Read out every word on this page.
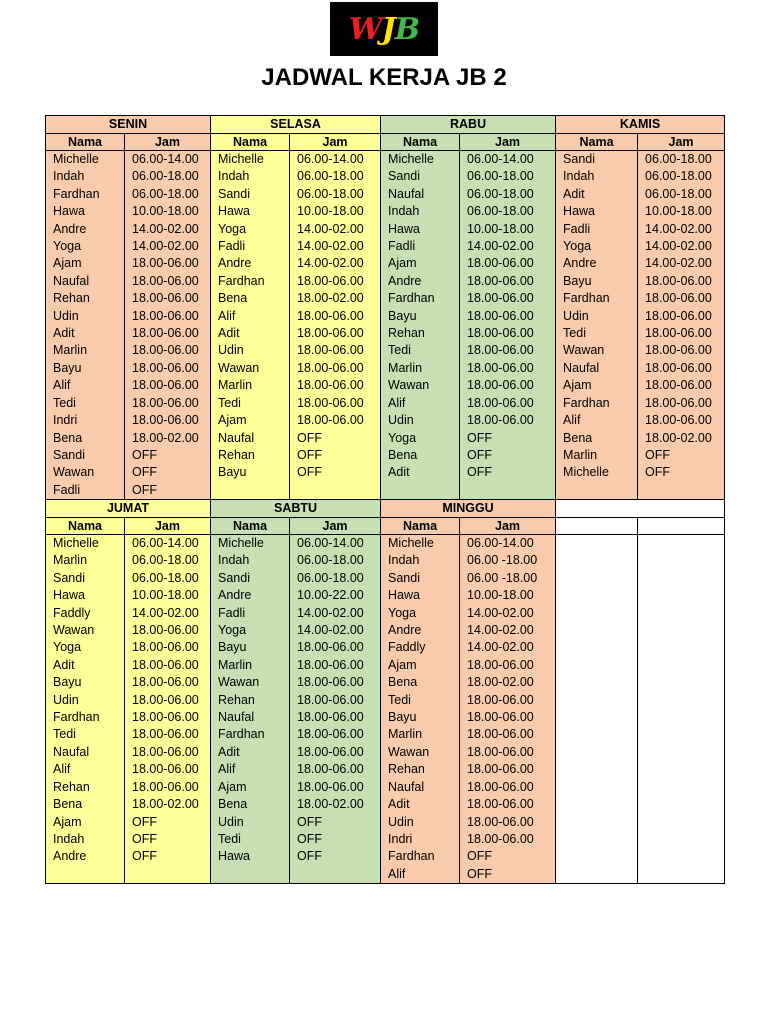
WJB
JADWAL KERJA JB 2
SENIN		SELASA		RABU		KAMIS	
Nama	Jam	Nama	Jam	Nama	Jam	Nama	Jam
Michelle	06.00-14.00	Michelle	06.00-14.00	Michelle	06.00-14.00	Sandi	06.00-18.00
Indah	06.00-18.00	Indah	06.00-18.00	Sandi	06.00-18.00	Indah	06.00-18.00
Fardhan	06.00-18.00	Sandi	06.00-18.00	Naufal	06.00-18.00	Adit	06.00-18.00
Hawa	10.00-18.00	Hawa	10.00-18.00	Indah	06.00-18.00	Hawa	10.00-18.00
Andre	14.00-02.00	Yoga	14.00-02.00	Hawa	10.00-18.00	Fadli	14.00-02.00
Yoga	14.00-02.00	Fadli	14.00-02.00	Fadli	14.00-02.00	Yoga	14.00-02.00
Ajam	18.00-06.00	Andre	14.00-02.00	Ajam	18.00-06.00	Andre	14.00-02.00
Naufal	18.00-06.00	Fardhan	18.00-06.00	Andre	18.00-06.00	Bayu	18.00-06.00
Rehan	18.00-06.00	Bena	18.00-02.00	Fardhan	18.00-06.00	Fardhan	18.00-06.00
Udin	18.00-06.00	Alif	18.00-06.00	Bayu	18.00-06.00	Udin	18.00-06.00
Adit	18.00-06.00	Adit	18.00-06.00	Rehan	18.00-06.00	Tedi	18.00-06.00
Marlin	18.00-06.00	Udin	18.00-06.00	Tedi	18.00-06.00	Wawan	18.00-06.00
Bayu	18.00-06.00	Wawan	18.00-06.00	Marlin	18.00-06.00	Naufal	18.00-06.00
Alif	18.00-06.00	Marlin	18.00-06.00	Wawan	18.00-06.00	Ajam	18.00-06.00
Tedi	18.00-06.00	Tedi	18.00-06.00	Alif	18.00-06.00	Fardhan	18.00-06.00
Indri	18.00-06.00	Ajam	18.00-06.00	Udin	18.00-06.00	Alif	18.00-06.00
Bena	18.00-02.00	Naufal	OFF	Yoga	OFF	Bena	18.00-02.00
Sandi	OFF	Rehan	OFF	Bena	OFF	Marlin	OFF
Wawan	OFF	Bayu	OFF	Adit	OFF	Michelle	OFF
Fadli	OFF						
JUMAT		SABTU		MINGGU			
Nama	Jam	Nama	Jam	Nama	Jam		
Michelle	06.00-14.00	Michelle	06.00-14.00	Michelle	06.00-14.00		
Marlin	06.00-18.00	Indah	06.00-18.00	Indah	06.00 -18.00		
Sandi	06.00-18.00	Sandi	06.00-18.00	Sandi	06.00 -18.00		
Hawa	10.00-18.00	Andre	10.00-22.00	Hawa	10.00-18.00		
Faddly	14.00-02.00	Fadli	14.00-02.00	Yoga	14.00-02.00		
Wawan	18.00-06.00	Yoga	14.00-02.00	Andre	14.00-02.00		
Yoga	18.00-06.00	Bayu	18.00-06.00	Faddly	14.00-02.00		
Adit	18.00-06.00	Marlin	18.00-06.00	Ajam	18.00-06.00		
Bayu	18.00-06.00	Wawan	18.00-06.00	Bena	18.00-02.00		
Udin	18.00-06.00	Rehan	18.00-06.00	Tedi	18.00-06.00		
Fardhan	18.00-06.00	Naufal	18.00-06.00	Bayu	18.00-06.00		
Tedi	18.00-06.00	Fardhan	18.00-06.00	Marlin	18.00-06.00		
Naufal	18.00-06.00	Adit	18.00-06.00	Wawan	18.00-06.00		
Alif	18.00-06.00	Alif	18.00-06.00	Rehan	18.00-06.00		
Rehan	18.00-06.00	Ajam	18.00-06.00	Naufal	18.00-06.00		
Bena	18.00-02.00	Bena	18.00-02.00	Adit	18.00-06.00		
Ajam	OFF	Udin	OFF	Udin	18.00-06.00		
Indah	OFF	Tedi	OFF	Indri	18.00-06.00		
Andre	OFF	Hawa	OFF	Fardhan	OFF		
				Alif	OFF		
